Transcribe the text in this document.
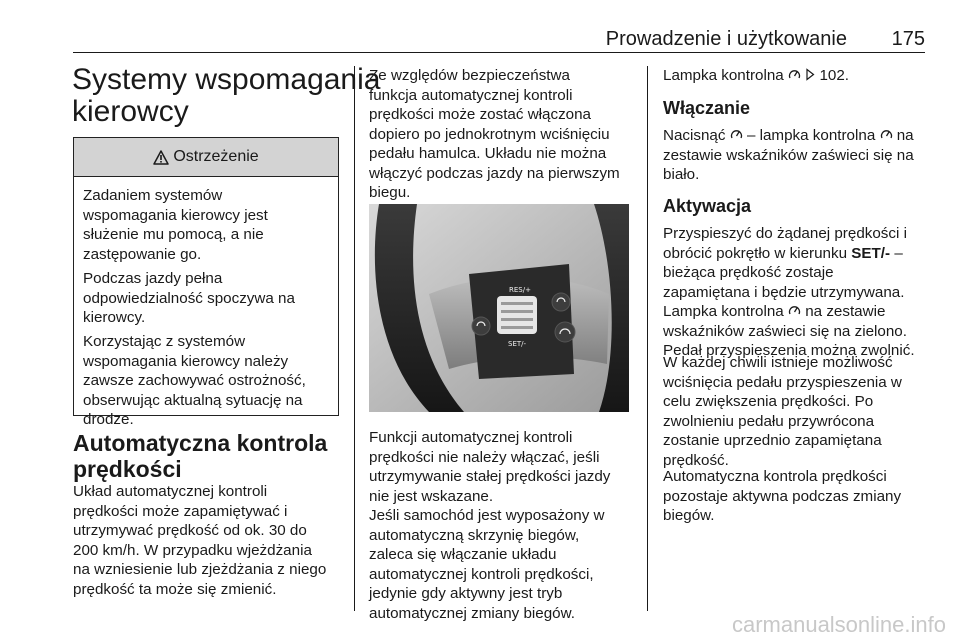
Prowadzenie i użytkowanie 175
Systemy wspomagania
kierowcy
Ostrzeżenie

Zadaniem systemów
wspomagania kierowcy jest
służenie mu pomocą, a nie
zastępowanie go.

Podczas jazdy pełna
odpowiedzialność spoczywa na
kierowcy.

Korzystając z systemów
wspomagania kierowcy należy
zawsze zachowywać ostrożność,
obserwując aktualną sytuację na
drodze.

Automatyczna kontrola
prędkości

Układ automatycznej kontroli
prędkości może zapamiętywać i
utrzymywać prędkość od ok. 30 do
200 km/h. W przypadku wjeżdżania
na wzniesienie lub zjeżdżania z niego
prędkość ta może się zmienić.

Ze względów bezpieczeństwa
funkcja automatycznej kontroli
prędkości może zostać włączona
dopiero po jednokrotnym wciśnięciu
pedału hamulca. Układu nie można
włączyć podczas jazdy na pierwszym
biegu.

RES/+
SET/-

Funkcji automatycznej kontroli
prędkości nie należy włączać, jeśli
utrzymywanie stałej prędkości jazdy
nie jest wskazane.

Jeśli samochód jest wyposażony w
automatyczną skrzynię biegów,
zaleca się włączanie układu
automatycznej kontroli prędkości,
jedynie gdy aktywny jest tryb
automatycznej zmiany biegów.

Lampka kontrolna 102.

Włączanie

Nacisnąć – lampka kontrolna na
zestawie wskaźników zaświeci się na
biało.

Aktywacja

Przyspieszyć do żądanej prędkości i
obrócić pokrętło w kierunku SET/- –
bieżąca prędkość zostaje
zapamiętana i będzie utrzymywana.
Lampka kontrolna na zestawie
wskaźników zaświeci się na zielono.
Pedał przyspieszenia można zwolnić.

W każdej chwili istnieje możliwość
wciśnięcia pedału przyspieszenia w
celu zwiększenia prędkości. Po
zwolnieniu pedału przywrócona
zostanie uprzednio zapamiętana
prędkość.

Automatyczna kontrola prędkości
pozostaje aktywna podczas zmiany
biegów.

carmanualsonline.info
